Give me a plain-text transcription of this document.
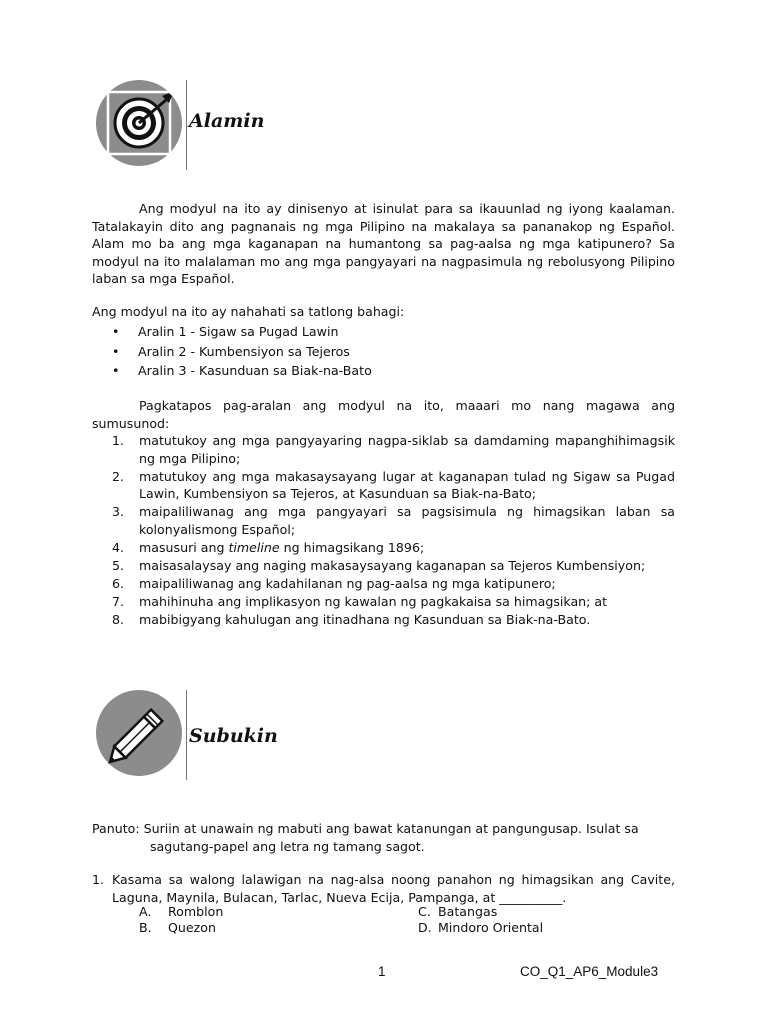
Alamin
Ang modyul na ito ay dinisenyo at isinulat para sa ikauunlad ng iyong kaalaman. Tatalakayin dito ang pagnanais ng mga Pilipino na makalaya sa pananakop ng Español. Alam mo ba ang mga kaganapan na humantong sa pag-aalsa ng mga katipunero? Sa modyul na ito malalaman mo ang mga pangyayari na nagpasimula ng rebolusyong Pilipino laban sa mga Español.
Ang modyul na ito ay nahahati sa tatlong bahagi:
• Aralin 1 - Sigaw sa Pugad Lawin
• Aralin 2 - Kumbensiyon sa Tejeros
• Aralin 3 - Kasunduan sa Biak-na-Bato
Pagkatapos pag-aralan ang modyul na ito, maaari mo nang magawa ang sumusunod:
1. matutukoy ang mga pangyayaring nagpa-siklab sa damdaming mapanghihimagsik ng mga Pilipino;
2. matutukoy ang mga makasaysayang lugar at kaganapan tulad ng Sigaw sa Pugad Lawin, Kumbensiyon sa Tejeros, at Kasunduan sa Biak-na-Bato;
3. maipaliliwanag ang mga pangyayari sa pagsisimula ng himagsikan laban sa kolonyalismong Español;
4. masusuri ang timeline ng himagsikang 1896;
5. maisasalaysay ang naging makasaysayang kaganapan sa Tejeros Kumbensiyon;
6. maipaliliwanag ang kadahilanan ng pag-aalsa ng mga katipunero;
7. mahihinuha ang implikasyon ng kawalan ng pagkakaisa sa himagsikan; at
8. mabibigyang kahulugan ang itinadhana ng Kasunduan sa Biak-na-Bato.
Subukin
Panuto: Suriin at unawain ng mabuti ang bawat katanungan at pangungusap. Isulat sa sagutang-papel ang letra ng tamang sagot.
1. Kasama sa walong lalawigan na nag-alsa noong panahon ng himagsikan ang Cavite, Laguna, Maynila, Bulacan, Tarlac, Nueva Ecija, Pampanga, at __________.
A. Romblon	C. Batangas
B. Quezon	D. Mindoro Oriental
1	CO_Q1_AP6_Module3
